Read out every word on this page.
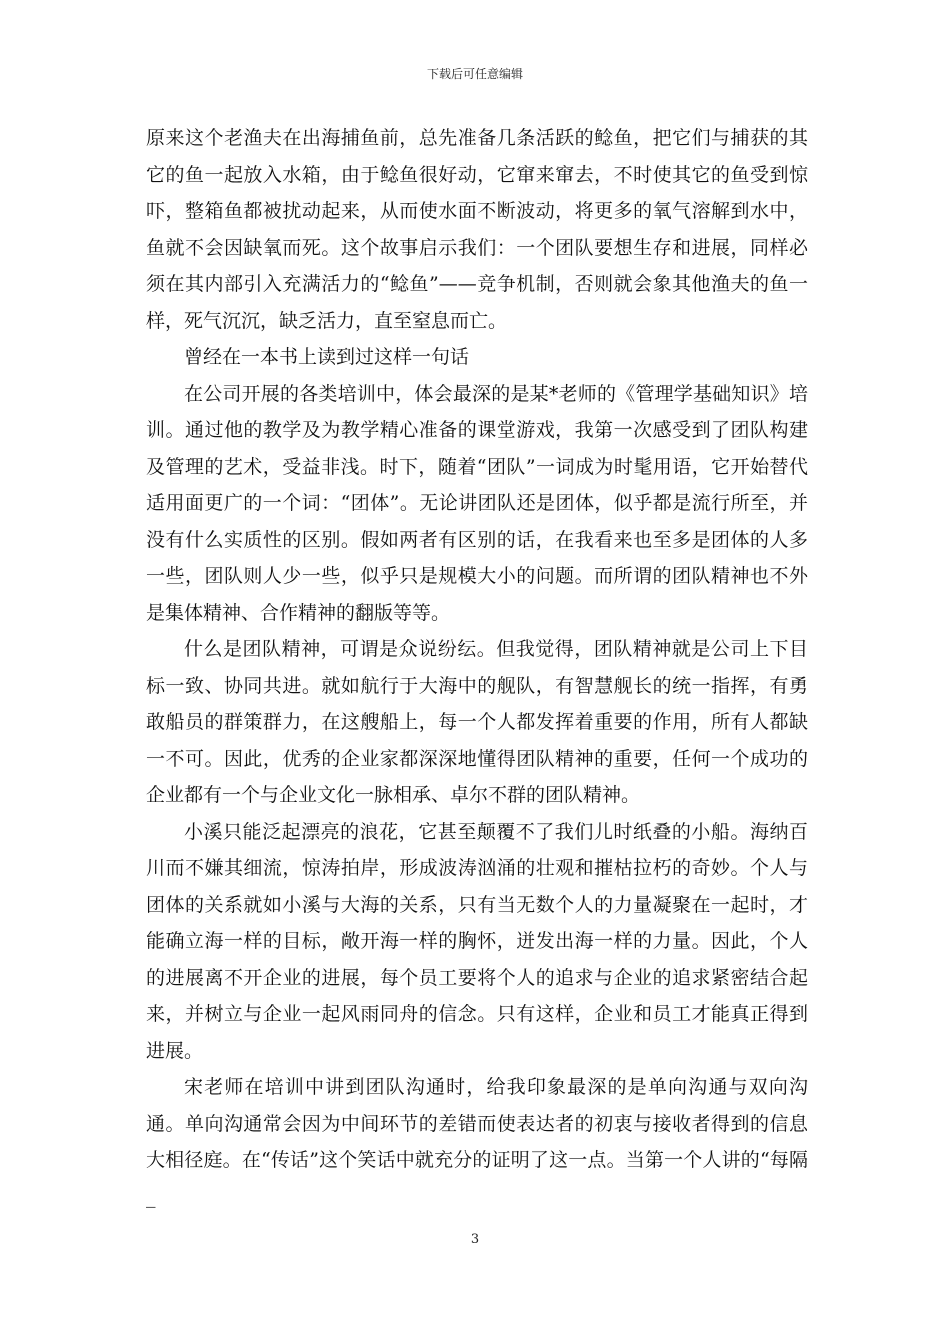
下载后可任意编辑

原来这个老渔夫在出海捕鱼前，总先准备几条活跃的鲶鱼，把它们与捕获的其它的鱼一起放入水箱，由于鲶鱼很好动，它窜来窜去，不时使其它的鱼受到惊吓，整箱鱼都被扰动起来，从而使水面不断波动，将更多的氧气溶解到水中，鱼就不会因缺氧而死。这个故事启示我们：一个团队要想生存和进展，同样必须在其内部引入充满活力的“鲶鱼”——竞争机制，否则就会象其他渔夫的鱼一样，死气沉沉，缺乏活力，直至窒息而亡。

曾经在一本书上读到过这样一句话

在公司开展的各类培训中，体会最深的是某*老师的《管理学基础知识》培训。通过他的教学及为教学精心准备的课堂游戏，我第一次感受到了团队构建及管理的艺术，受益非浅。时下，随着“团队”一词成为时髦用语，它开始替代适用面更广的一个词：“团体”。无论讲团队还是团体，似乎都是流行所至，并没有什么实质性的区别。假如两者有区别的话，在我看来也至多是团体的人多一些，团队则人少一些，似乎只是规模大小的问题。而所谓的团队精神也不外是集体精神、合作精神的翻版等等。

什么是团队精神，可谓是众说纷纭。但我觉得，团队精神就是公司上下目标一致、协同共进。就如航行于大海中的舰队，有智慧舰长的统一指挥，有勇敢船员的群策群力，在这艘船上，每一个人都发挥着重要的作用，所有人都缺一不可。因此，优秀的企业家都深深地懂得团队精神的重要，任何一个成功的企业都有一个与企业文化一脉相承、卓尔不群的团队精神。

小溪只能泛起漂亮的浪花，它甚至颠覆不了我们儿时纸叠的小船。海纳百川而不嫌其细流，惊涛拍岸，形成波涛汹涌的壮观和摧枯拉朽的奇妙。个人与团体的关系就如小溪与大海的关系，只有当无数个人的力量凝聚在一起时，才能确立海一样的目标，敞开海一样的胸怀，迸发出海一样的力量。因此，个人的进展离不开企业的进展，每个员工要将个人的追求与企业的追求紧密结合起来，并树立与企业一起风雨同舟的信念。只有这样，企业和员工才能真正得到进展。

宋老师在培训中讲到团队沟通时，给我印象最深的是单向沟通与双向沟通。单向沟通常会因为中间环节的差错而使表达者的初衷与接收者得到的信息大相径庭。在“传话”这个笑话中就充分的证明了这一点。当第一个人讲的“每隔_

3
